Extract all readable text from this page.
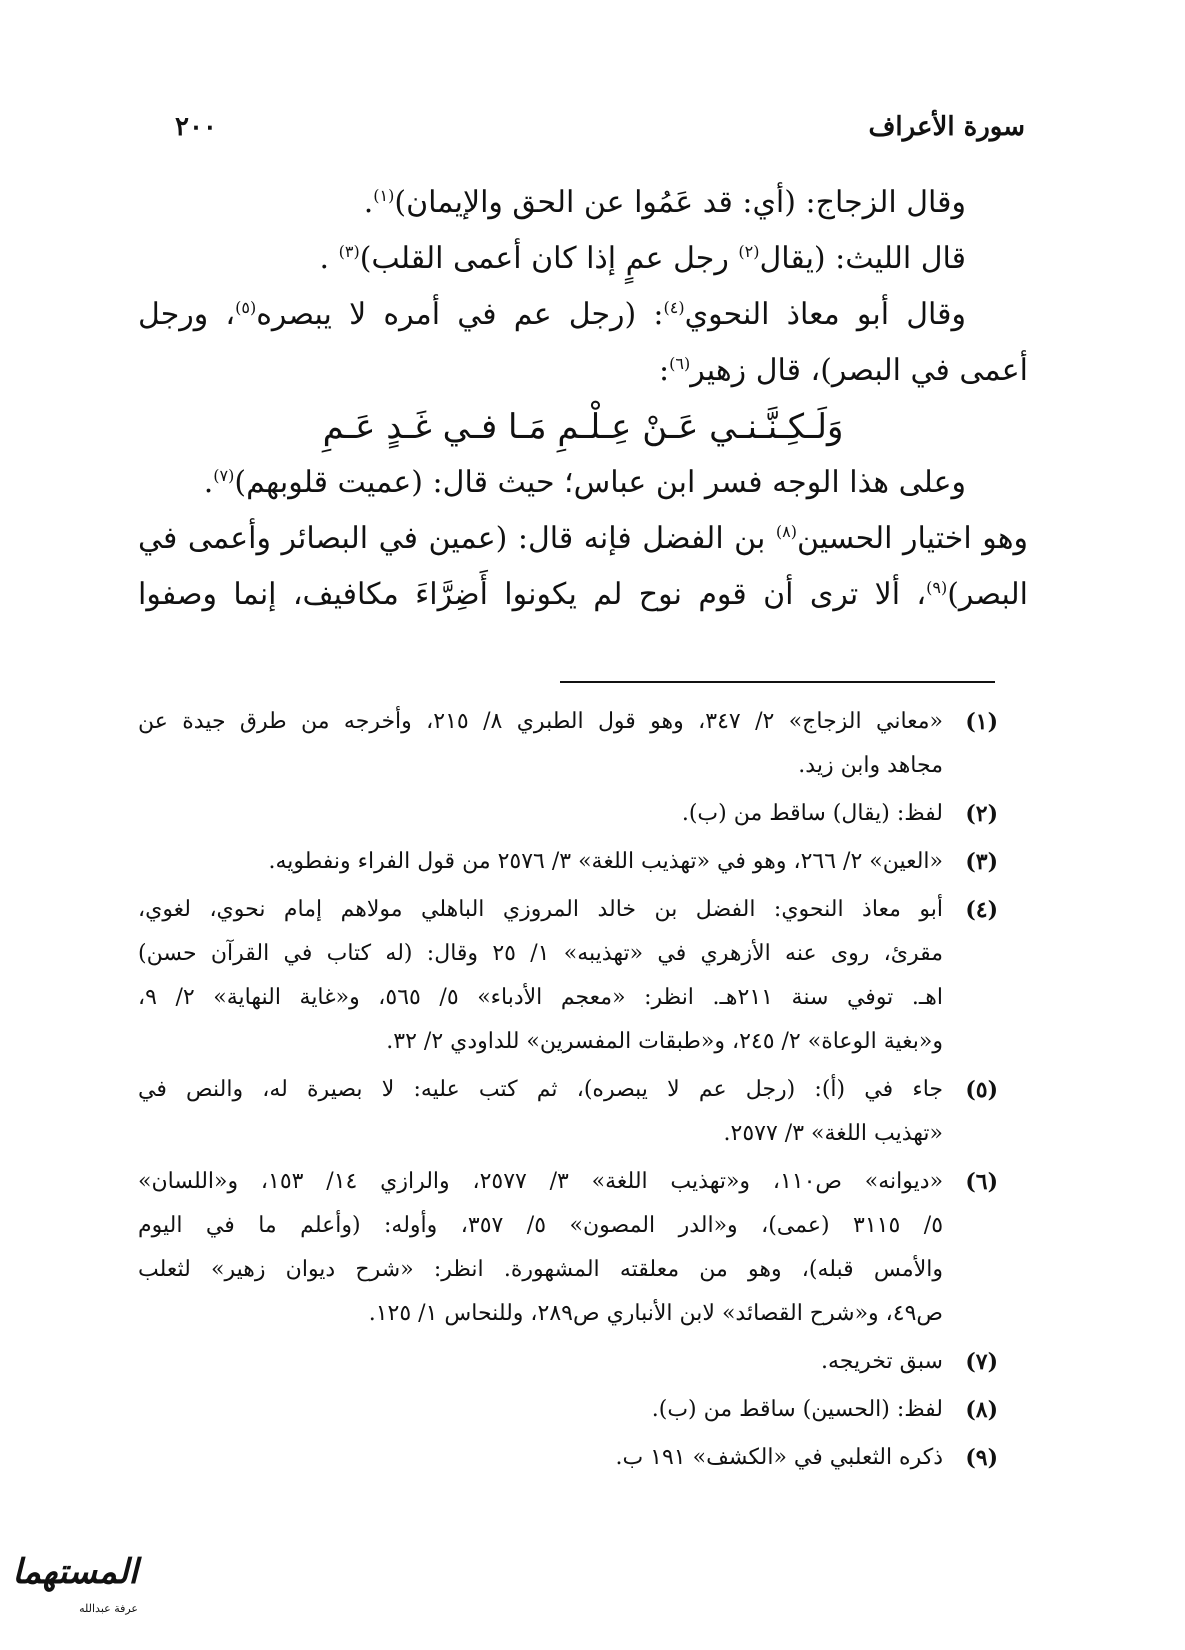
سورة الأعراف
٢٠٠
وقال الزجاج: (أي: قد عَمُوا عن الحق والإيمان)$^{(١)}$.
قال الليث: (يقال$^{(٢)}$ رجل عمٍ إذا كان أعمى القلب)$^{(٣)}$ .
وقال أبو معاذ النحوي$^{(٤)}$: (رجل عم في أمره لا يبصره$^{(٥)}$، ورجل
أعمى في البصر)، قال زهير$^{(٦)}$:
وَلَـكِـنَّـنـي عَـنْ عِـلْـمِ مَـا فـي غَـدٍ عَـمِ
وعلى هذا الوجه فسر ابن عباس؛ حيث قال: (عميت قلوبهم)$^{(٧)}$.
وهو اختيار الحسين$^{(٨)}$ بن الفضل فإنه قال: (عمين في البصائر وأعمى في
البصر)$^{(٩)}$، ألا ترى أن قوم نوح لم يكونوا أَضِرَّاءَ مكافيف، إنما وصفوا
(١)
«معاني الزجاج» ٢/ ٣٤٧، وهو قول الطبري ٨/ ٢١٥، وأخرجه من طرق جيدة عن
مجاهد وابن زيد.
(٢)
لفظ: (يقال) ساقط من (ب).
(٣)
«العين» ٢/ ٢٦٦، وهو في «تهذيب اللغة» ٣/ ٢٥٧٦ من قول الفراء ونفطويه.
(٤)
أبو معاذ النحوي: الفضل بن خالد المروزي الباهلي مولاهم إمام نحوي، لغوي،
مقرئ، روى عنه الأزهري في «تهذيبه» ١/ ٢٥ وقال: (له كتاب في القرآن حسن)
اهـ. توفي سنة ٢١١هـ. انظر: «معجم الأدباء» ٥/ ٥٦٥، و«غاية النهاية» ٢/ ٩،
و«بغية الوعاة» ٢/ ٢٤٥، و«طبقات المفسرين» للداودي ٢/ ٣٢.
(٥)
جاء في (أ): (رجل عم لا يبصره)، ثم كتب عليه: لا بصيرة له، والنص في
«تهذيب اللغة» ٣/ ٢٥٧٧.
(٦)
«ديوانه» ص١١٠، و«تهذيب اللغة» ٣/ ٢٥٧٧، والرازي ١٤/ ١٥٣، و«اللسان»
٥/ ٣١١٥ (عمى)، و«الدر المصون» ٥/ ٣٥٧، وأوله: (وأعلم ما في اليوم
والأمس قبله)، وهو من معلقته المشهورة. انظر: «شرح ديوان زهير» لثعلب
ص٤٩، و«شرح القصائد» لابن الأنباري ص٢٨٩، وللنحاس ١/ ١٢٥.
(٧)
سبق تخريجه.
(٨)
لفظ: (الحسين) ساقط من (ب).
(٩)
ذكره الثعلبي في «الكشف» ١٩١ ب.
المستهما
عرفة عبدالله
